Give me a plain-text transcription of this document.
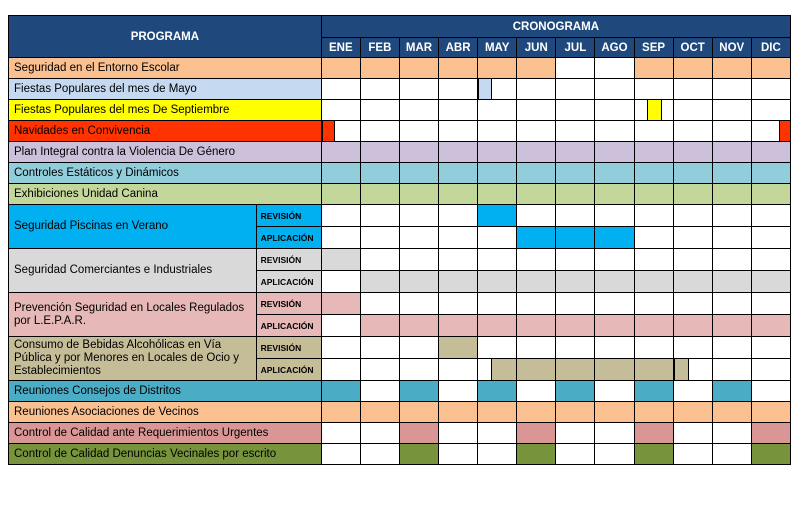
PROGRAMA		CRONOGRAMA											
		ENE	FEB	MAR	ABR	MAY	JUN	JUL	AGO	SEP	OCT	NOV	DIC
Seguridad en el Entorno Escolar		

Fiestas Populares del mes de Mayo						

Fiestas Populares del mes De Septiembre										

Navidades en Convivencia		

Plan Integral contra la Violencia De Género		

Controles Estáticos y Dinámicos		

Exhibiciones Unidad Canina		

Seguridad Piscinas en Verano	REVISIÓN					

	APLICACIÓN						

Seguridad Comerciantes e Industriales	REVISIÓN	

	APLICACIÓN		

Prevención Seguridad en Locales Regulados por L.E.P.A.R.	REVISIÓN	

	APLICACIÓN		

Consumo de Bebidas Alcohólicas en Vía Pública y por Menores en Locales de Ocio y Establecimientos	REVISIÓN				

	APLICACIÓN					

Reuniones Consejos de Distritos		

Reuniones Asociaciones de Vecinos		

Control de Calidad ante Requerimientos Urgentes				

Control de Calidad Denuncias Vecinales por escrito				
